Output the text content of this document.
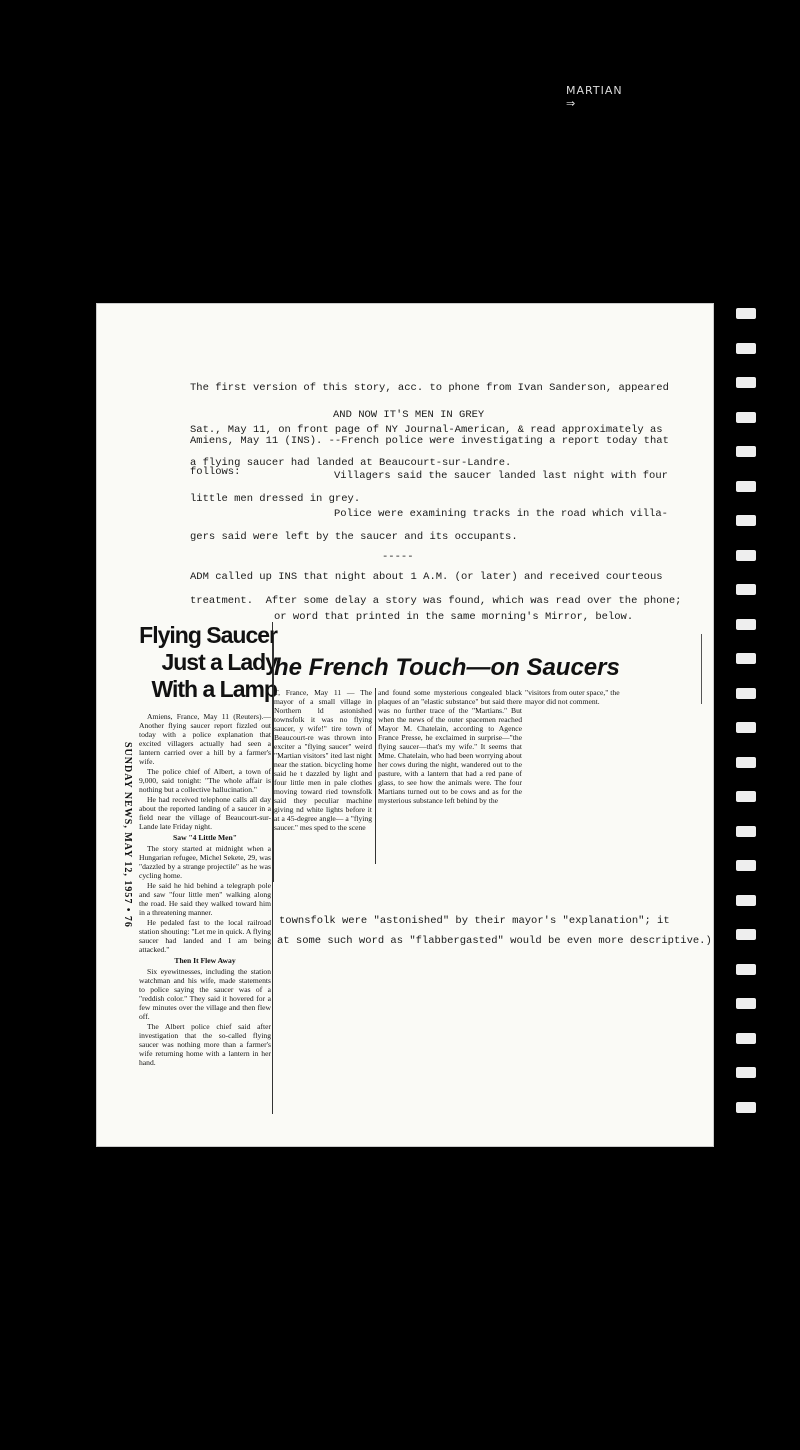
MARTIAN ⇒

The first version of this story, acc. to phone from Ivan Sanderson, appeared

Sat., May 11, on front page of NY Journal-American, & read approximately as

follows:

AND NOW IT'S MEN IN GREY
Amiens, May 11 (INS). --French police were investigating a report today that
a flying saucer had landed at Beaucourt-sur-Landre.
Villagers said the saucer landed last night with four
little men dressed in grey.
Police were examining tracks in the road which villa-
gers said were left by the saucer and its occupants.
-----
ADM called up INS that night about 1 A.M. (or later) and received courteous
treatment.  After some delay a story was found, which was read over the phone;
or word that printed in the same morning's Mirror, below.
SUNDAY NEWS, MAY 12, 1957 • 76
Flying Saucer
Just a Lady
With a Lamp

Amiens, France, May 11 (Reuters).—Another flying saucer report fizzled out today with a police explanation that excited villagers actually had seen a lantern carried over a hill by a farmer's wife.

The police chief of Albert, a town of 9,000, said tonight: "The whole affair is nothing but a collective hallucination."

He had received telephone calls all day about the reported landing of a saucer in a field near the village of Beaucourt-sur-Lande late Friday night.

Saw "4 Little Men"

The story started at midnight when a Hungarian refugee, Michel Sekete, 29, was "dazzled by a strange projectile" as he was cycling home.

He said he hid behind a telegraph pole and saw "four little men" walking along the road. He said they walked toward him in a threatening manner.

He pedaled fast to the local railroad station shouting: "Let me in quick. A flying saucer had landed and I am being attacked."

Then It Flew Away

Six eyewitnesses, including the station watchman and his wife, made statements to police saying the saucer was of a "reddish color." They said it hovered for a few minutes over the village and then flew off.

The Albert police chief said after investigation that the so-called flying saucer was nothing more than a farmer's wife returning home with a lantern in her hand.

he French Touch—on Saucers
T, France, May 11 — The mayor of a small village in Northern ld astonished townsfolk it was no flying saucer, y wife!" tire town of Beaucourt-re was thrown into exciter a "flying saucer" weird "Martian visitors" ited last night near the station. bicycling home said he t dazzled by light and four little men in pale clothes moving toward ried townsfolk said they peculiar machine giving nd white lights before it at a 45-degree angle— a "flying saucer." mes sped to the scene
and found some mysterious congealed black plaques of an "elastic substance" but said there was no further trace of the "Martians." But when the news of the outer spacemen reached Mayor M. Chatelain, according to Agence France Presse, he exclaimed in surprise—"the flying saucer—that's my wife." It seems that Mme. Chatelain, who had been worrying about her cows during the night, wandered out to the pasture, with a lantern that had a red pane of glass, to see how the animals were. The four Martians turned out to be cows and as for the mysterious substance left behind by the
"visitors from outer space," the mayor did not comment.
townsfolk were "astonished" by their mayor's "explanation"; it
at some such word as "flabbergasted" would be even more descriptive.)
